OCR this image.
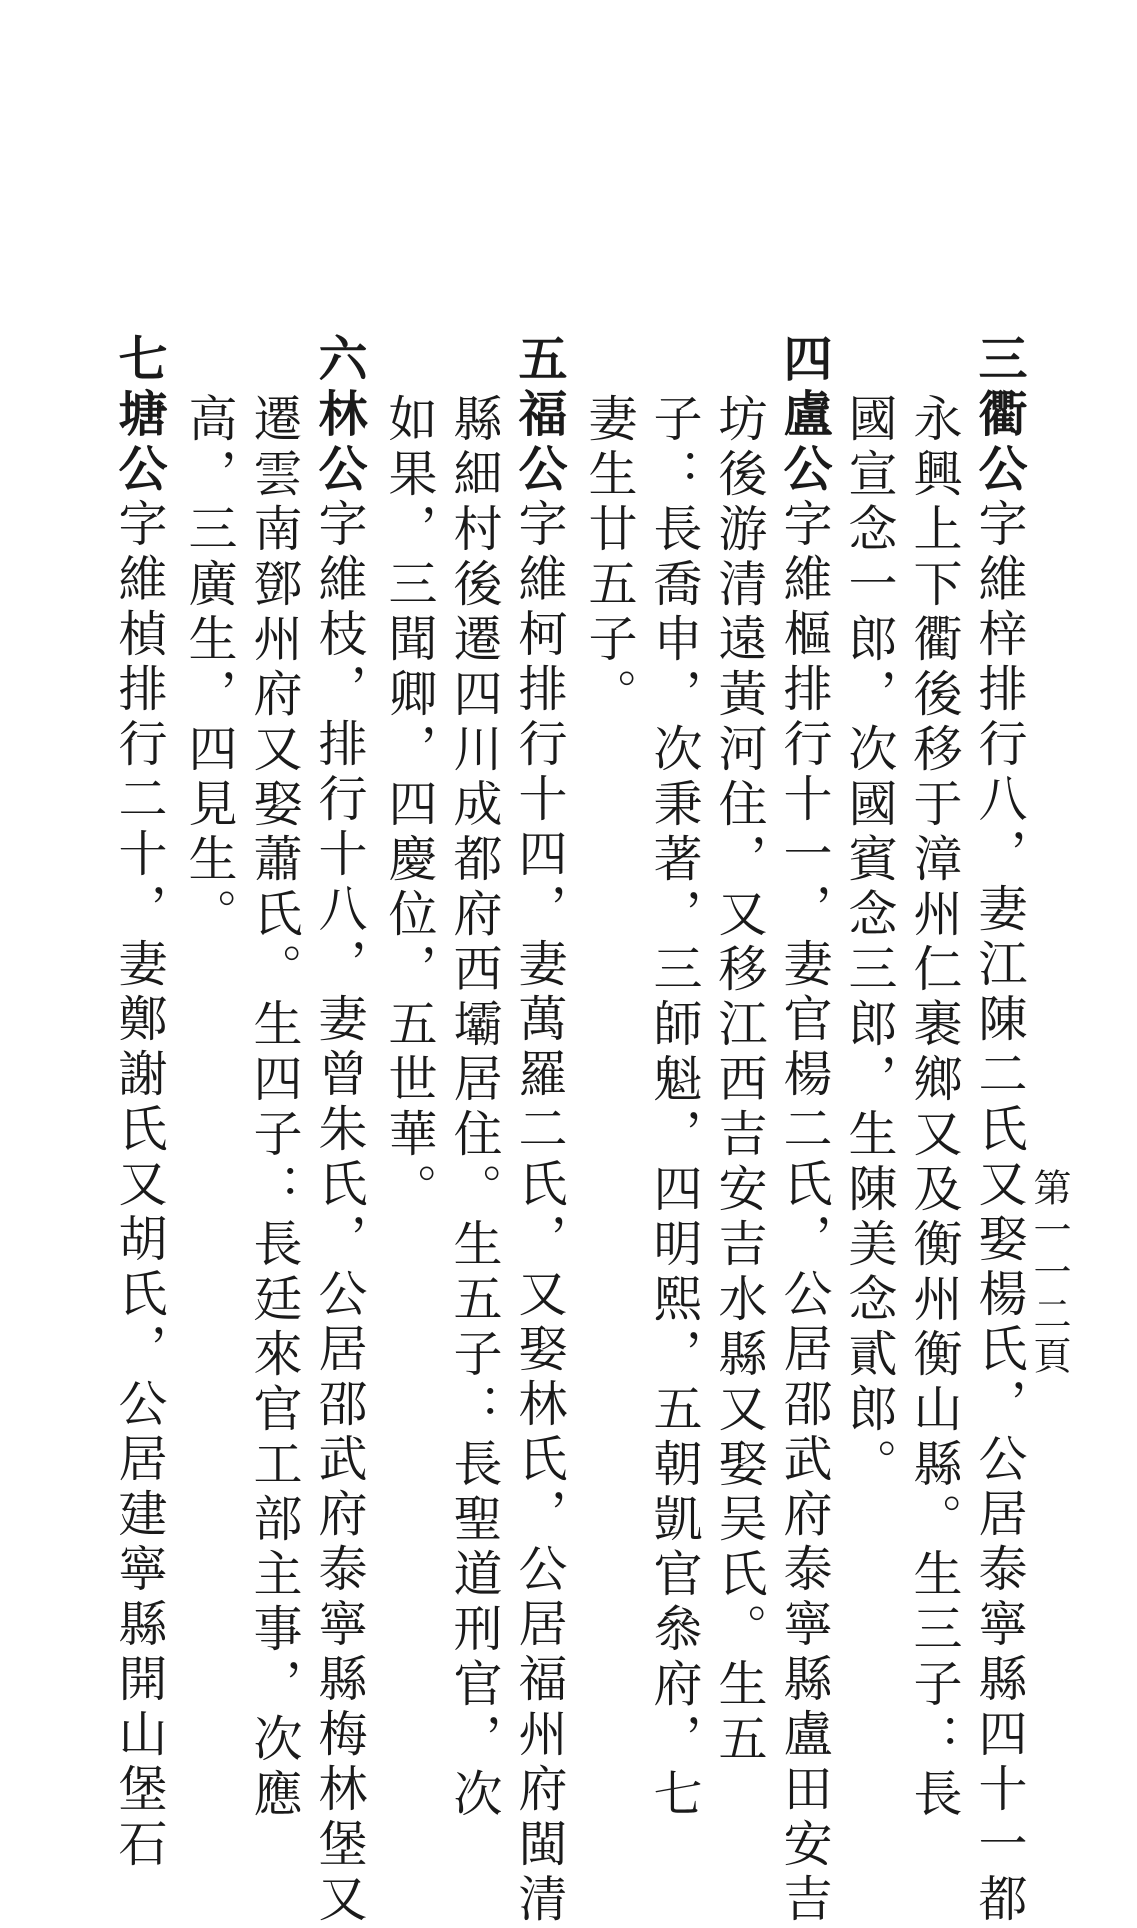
第一一二頁
三衢公字維梓排行八，妻江陳二氏又娶楊氏，公居泰寧縣四十一都
永興上下衢後移于漳州仁裹鄉又及衡州衡山縣。生三子：長
國宣念一郎，次國賓念三郎，生陳美念貳郎。
四盧公字維樞排行十一，妻官楊二氏，公居邵武府泰寧縣盧田安吉
坊後游清遠黃河住，又移江西吉安吉水縣又娶吴氏。生五
子：長喬申，次秉著，三師魁，四明熙，五朝凱官叅府，七
妻生廿五子。
五福公字維柯排行十四，妻萬羅二氏，又娶林氏，公居福州府閩清
縣細村後遷四川成都府西壩居住。生五子：長聖道刑官，次
如果，三聞卿，四慶位，五世華。
六林公字維枝，排行十八，妻曾朱氏，公居邵武府泰寧縣梅林堡又
遷雲南鄧州府又娶蕭氏。生四子：長廷來官工部主事，次應
高，三廣生，四見生。
七塘公字維楨排行二十，妻鄭謝氏又胡氏，公居建寧縣開山堡石
